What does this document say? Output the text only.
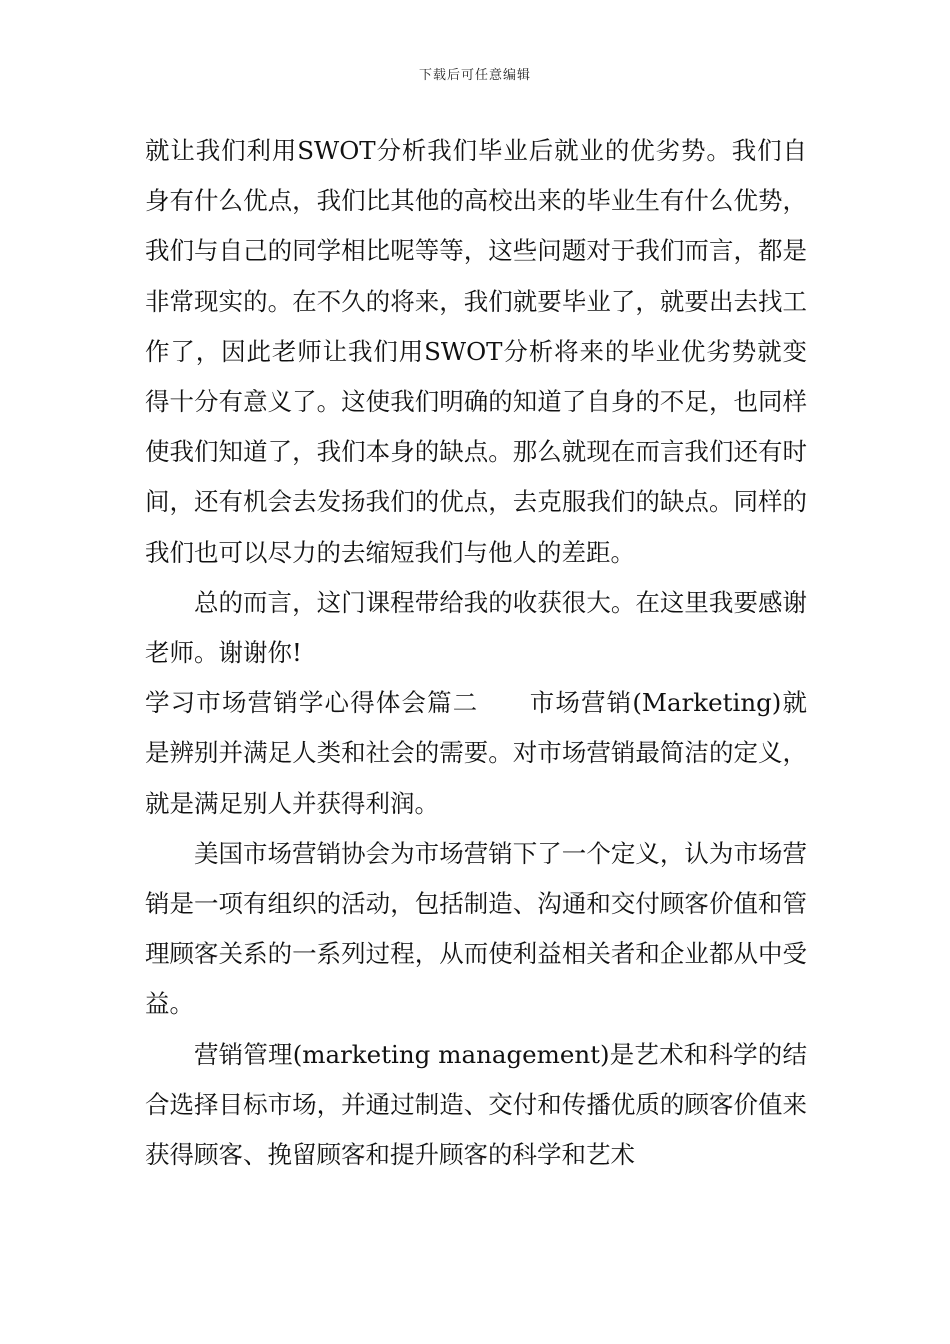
下载后可任意编辑

就让我们利用SWOT分析我们毕业后就业的优劣势。我们自身有什么优点，我们比其他的高校出来的毕业生有什么优势，我们与自己的同学相比呢等等，这些问题对于我们而言，都是非常现实的。在不久的将来，我们就要毕业了，就要出去找工作了，因此老师让我们用SWOT分析将来的毕业优劣势就变得十分有意义了。这使我们明确的知道了自身的不足，也同样使我们知道了，我们本身的缺点。那么就现在而言我们还有时间，还有机会去发扬我们的优点，去克服我们的缺点。同样的我们也可以尽力的去缩短我们与他人的差距。

总的而言，这门课程带给我的收获很大。在这里我要感谢老师。谢谢你!

学习市场营销学心得体会篇二　　市场营销(Marketing)就是辨别并满足人类和社会的需要。对市场营销最简洁的定义，就是满足别人并获得利润。

美国市场营销协会为市场营销下了一个定义，认为市场营销是一项有组织的活动，包括制造、沟通和交付顾客价值和管理顾客关系的一系列过程，从而使利益相关者和企业都从中受益。

营销管理(marketing management)是艺术和科学的结合选择目标市场，并通过制造、交付和传播优质的顾客价值来获得顾客、挽留顾客和提升顾客的科学和艺术
